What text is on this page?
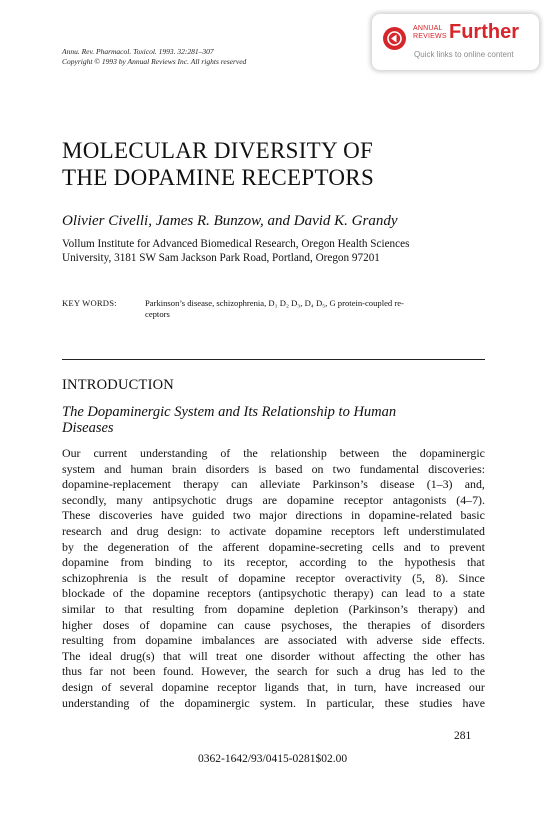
Annu. Rev. Pharmacol. Toxicol. 1993. 32:281–307
Copyright © 1993 by Annual Reviews Inc. All rights reserved
ANNUAL
REVIEWS Further
Quick links to online content
MOLECULAR DIVERSITY OF
THE DOPAMINE RECEPTORS
Olivier Civelli, James R. Bunzow, and David K. Grandy
Vollum Institute for Advanced Biomedical Research, Oregon Health Sciences
University, 3181 SW Sam Jackson Park Road, Portland, Oregon 97201
KEY WORDS:	Parkinson’s disease, schizophrenia, D₁ D₂ D₃, D₄ D₅, G protein-coupled re-
ceptors
INTRODUCTION
The Dopaminergic System and Its Relationship to Human
Diseases
Our current understanding of the relationship between the dopaminergic
system and human brain disorders is based on two fundamental discoveries:
dopamine-replacement therapy can alleviate Parkinson’s disease (1–3) and,
secondly, many antipsychotic drugs are dopamine receptor antagonists (4–7).
These discoveries have guided two major directions in dopamine-related basic
research and drug design: to activate dopamine receptors left understimulated
by the degeneration of the afferent dopamine-secreting cells and to prevent
dopamine from binding to its receptor, according to the hypothesis that
schizophrenia is the result of dopamine receptor overactivity (5, 8). Since
blockade of the dopamine receptors (antipsychotic therapy) can lead to a state
similar to that resulting from dopamine depletion (Parkinson’s therapy) and
higher doses of dopamine can cause psychoses, the therapies of disorders
resulting from dopamine imbalances are associated with adverse side effects.
The ideal drug(s) that will treat one disorder without affecting the other has
thus far not been found. However, the search for such a drug has led to the
design of several dopamine receptor ligands that, in turn, have increased our
understanding of the dopaminergic system. In particular, these studies have
281
0362-1642/93/0415-0281$02.00
